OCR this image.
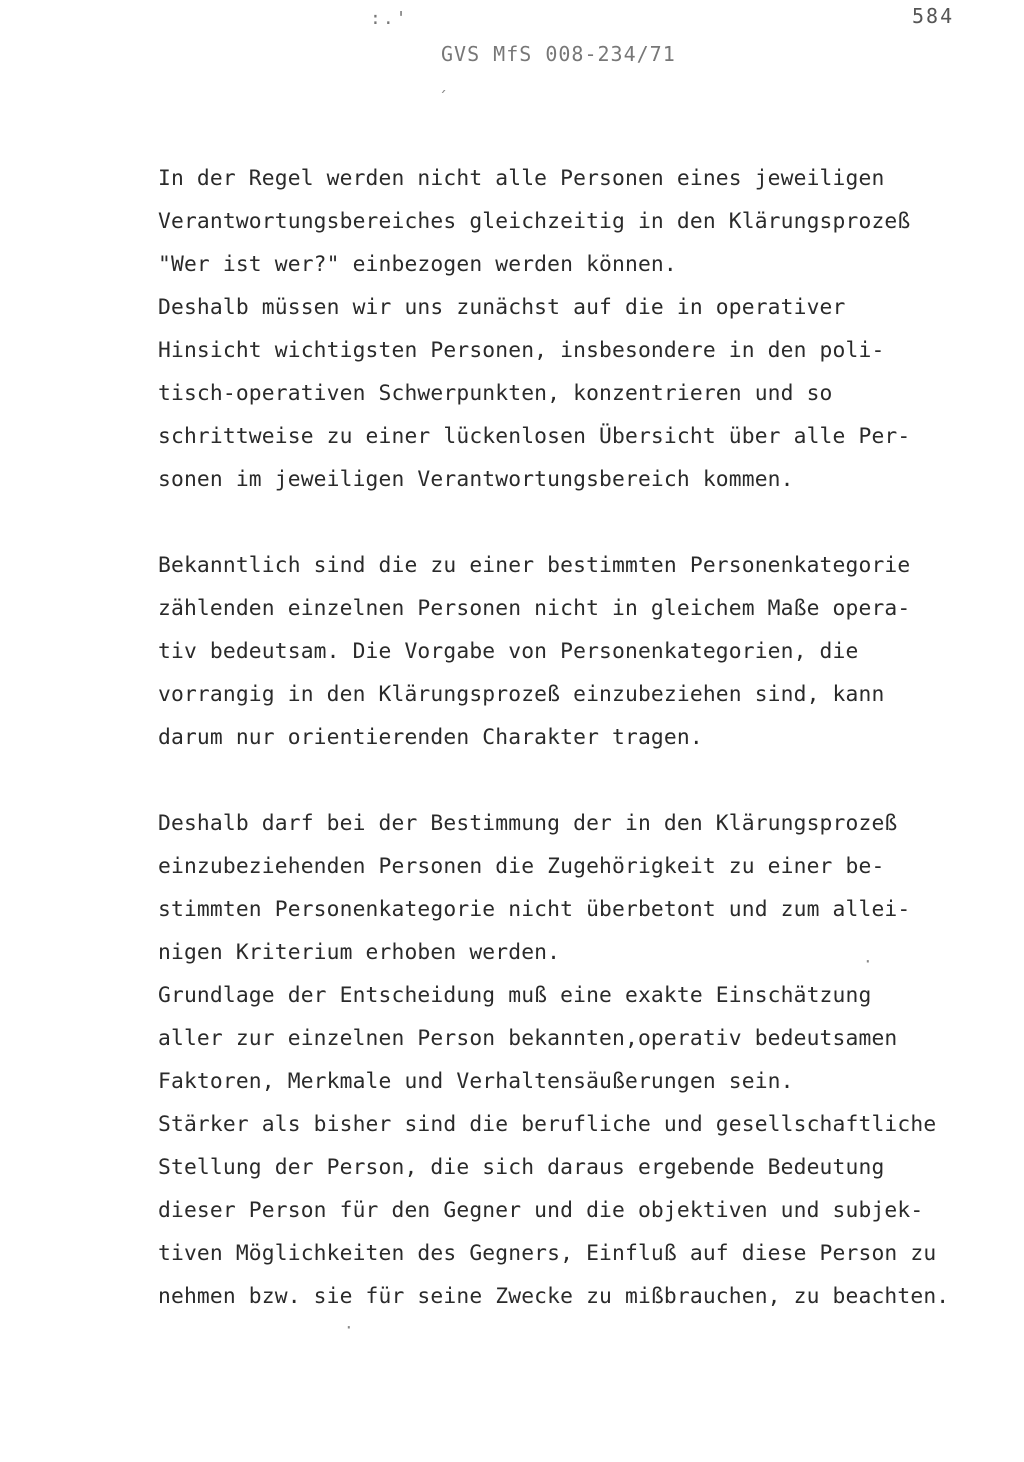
:.'	584
GVS MfS 008-234/71
´
·
·
In der Regel werden nicht alle Personen eines jeweiligen
Verantwortungsbereiches gleichzeitig in den Klärungsprozeß
"Wer ist wer?" einbezogen werden können.
Deshalb müssen wir uns zunächst auf die in operativer
Hinsicht wichtigsten Personen, insbesondere in den poli-
tisch-operativen Schwerpunkten, konzentrieren und so
schrittweise zu einer lückenlosen Übersicht über alle Per-
sonen im jeweiligen Verantwortungsbereich kommen.
Bekanntlich sind die zu einer bestimmten Personenkategorie
zählenden einzelnen Personen nicht in gleichem Maße opera-
tiv bedeutsam. Die Vorgabe von Personenkategorien, die
vorrangig in den Klärungsprozeß einzubeziehen sind, kann
darum nur orientierenden Charakter tragen.
Deshalb darf bei der Bestimmung der in den Klärungsprozeß
einzubeziehenden Personen die Zugehörigkeit zu einer be-
stimmten Personenkategorie nicht überbetont und zum allei-
nigen Kriterium erhoben werden.
Grundlage der Entscheidung muß eine exakte Einschätzung
aller zur einzelnen Person bekannten,operativ bedeutsamen
Faktoren, Merkmale und Verhaltensäußerungen sein.
Stärker als bisher sind die berufliche und gesellschaftliche
Stellung der Person, die sich daraus ergebende Bedeutung
dieser Person für den Gegner und die objektiven und subjek-
tiven Möglichkeiten des Gegners, Einfluß auf diese Person zu
nehmen bzw. sie für seine Zwecke zu mißbrauchen, zu beachten.
